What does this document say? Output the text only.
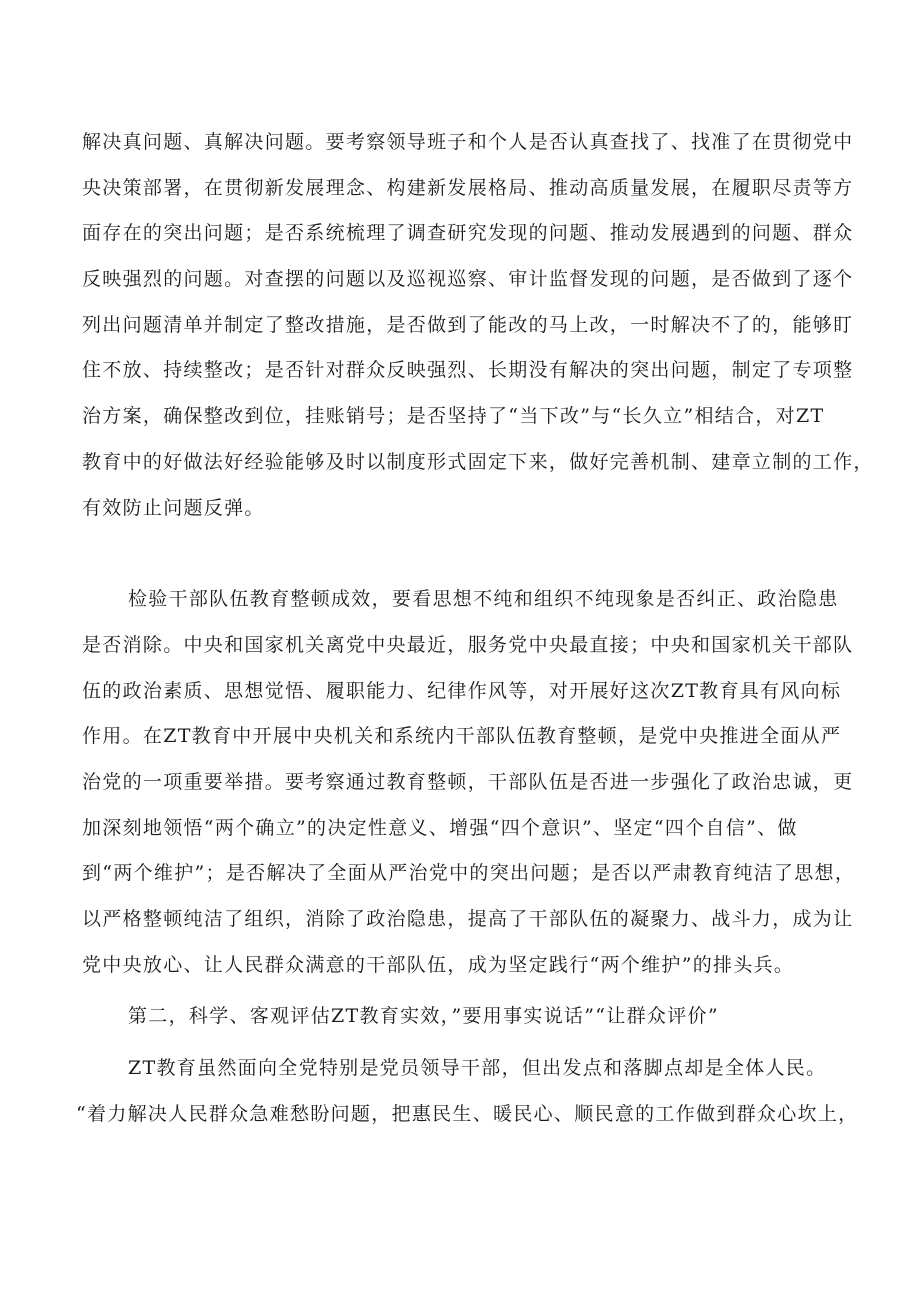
解决真问题、真解决问题。要考察领导班子和个人是否认真查找了、找准了在贯彻党中
央决策部署，在贯彻新发展理念、构建新发展格局、推动高质量发展，在履职尽责等方
面存在的突出问题；是否系统梳理了调查研究发现的问题、推动发展遇到的问题、群众
反映强烈的问题。对查摆的问题以及巡视巡察、审计监督发现的问题，是否做到了逐个
列出问题清单并制定了整改措施，是否做到了能改的马上改，一时解决不了的，能够盯
住不放、持续整改；是否针对群众反映强烈、长期没有解决的突出问题，制定了专项整
治方案，确保整改到位，挂账销号；是否坚持了“当下改”与“长久立”相结合，对ZT
教育中的好做法好经验能够及时以制度形式固定下来，做好完善机制、建章立制的工作，
有效防止问题反弹。
检验干部队伍教育整顿成效，要看思想不纯和组织不纯现象是否纠正、政治隐患
是否消除。中央和国家机关离党中央最近，服务党中央最直接；中央和国家机关干部队
伍的政治素质、思想觉悟、履职能力、纪律作风等，对开展好这次ZT教育具有风向标
作用。在ZT教育中开展中央机关和系统内干部队伍教育整顿，是党中央推进全面从严
治党的一项重要举措。要考察通过教育整顿，干部队伍是否进一步强化了政治忠诚，更
加深刻地领悟“两个确立”的决定性意义、增强“四个意识”、坚定“四个自信”、做
到“两个维护”；是否解决了全面从严治党中的突出问题；是否以严肃教育纯洁了思想，
以严格整顿纯洁了组织，消除了政治隐患，提高了干部队伍的凝聚力、战斗力，成为让
党中央放心、让人民群众满意的干部队伍，成为坚定践行“两个维护”的排头兵。
第二，科学、客观评估ZT教育实效，”要用事实说话”“让群众评价”
ZT教育虽然面向全党特别是党员领导干部，但出发点和落脚点却是全体人民。
“着力解决人民群众急难愁盼问题，把惠民生、暖民心、顺民意的工作做到群众心坎上，
